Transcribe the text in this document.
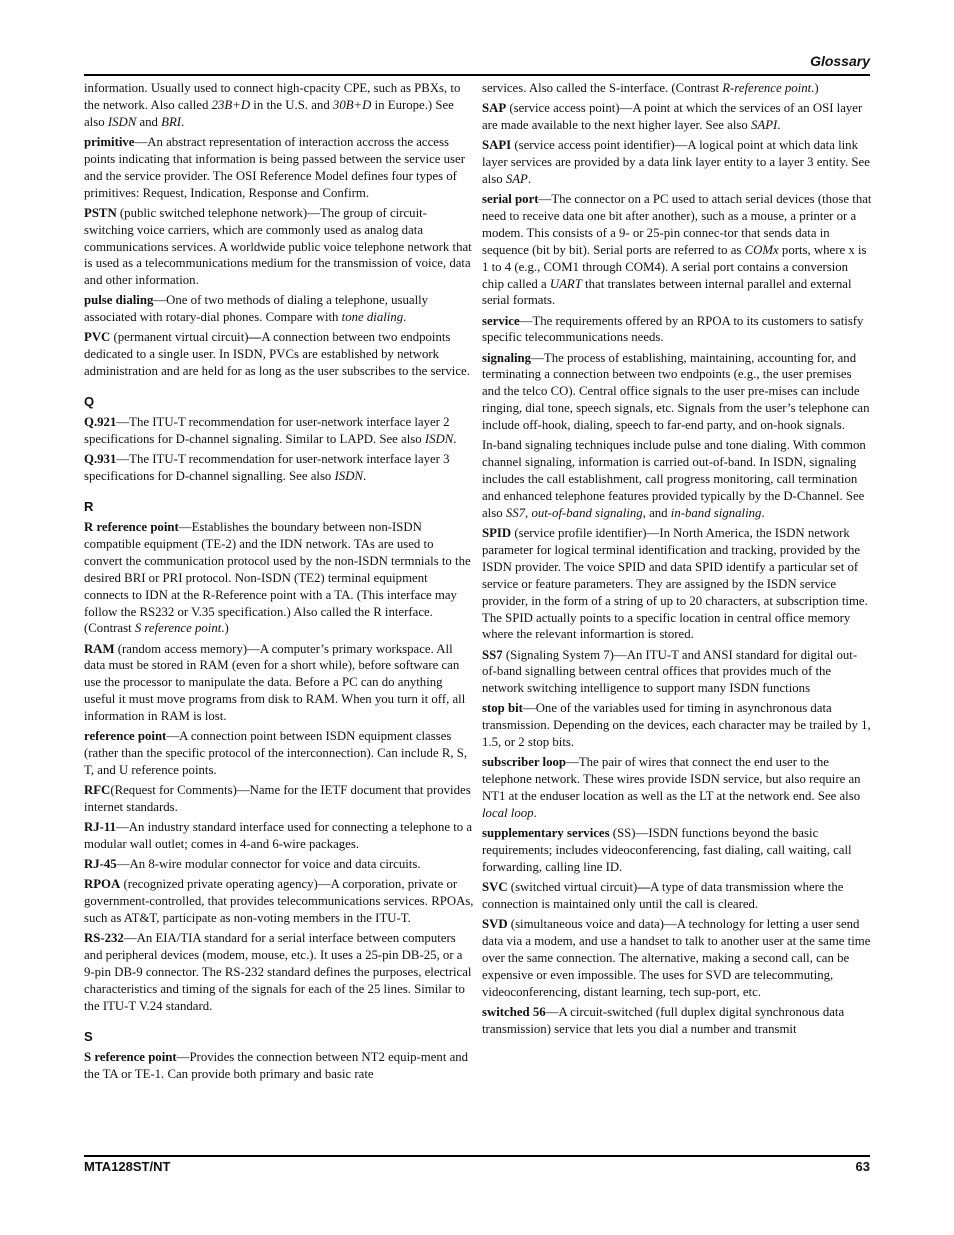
Glossary

information. Usually used to connect high-cpacity CPE, such as PBXs, to the network. Also called 23B+D in the U.S. and 30B+D in Europe.) See also ISDN and BRI.

primitive—An abstract representation of interaction accross the access points indicating that information is being passed between the service user and the service provider. The OSI Reference Model defines four types of primitives: Request, Indication, Response and Confirm.

PSTN (public switched telephone network)—The group of circuit-switching voice carriers, which are commonly used as analog data communications services. A worldwide public voice telephone network that is used as a telecommunications medium for the transmission of voice, data and other information.

pulse dialing—One of two methods of dialing a telephone, usually associated with rotary-dial phones. Compare with tone dialing.

PVC (permanent virtual circuit)—A connection between two endpoints dedicated to a single user. In ISDN, PVCs are established by network administration and are held for as long as the user subscribes to the service.

Q

Q.921—The ITU-T recommendation for user-network interface layer 2 specifications for D-channel signaling. Similar to LAPD. See also ISDN.

Q.931—The ITU-T recommendation for user-network interface layer 3 specifications for D-channel signalling. See also ISDN.

R

R reference point—Establishes the boundary between non-ISDN compatible equipment (TE-2) and the IDN network. TAs are used to convert the communication protocol used by the non-ISDN termnials to the desired BRI or PRI protocol. Non-ISDN (TE2) terminal equipment connects to IDN at the R-Reference point with a TA. (This interface may follow the RS232 or V.35 specification.) Also called the R interface. (Contrast S reference point.)

RAM (random access memory)—A computer’s primary workspace. All data must be stored in RAM (even for a short while), before software can use the processor to manipulate the data. Before a PC can do anything useful it must move programs from disk to RAM. When you turn it off, all information in RAM is lost.

reference point—A connection point between ISDN equipment classes (rather than the specific protocol of the interconnection). Can include R, S, T, and U reference points.

RFC(Request for Comments)—Name for the IETF document that provides internet standards.

RJ-11—An industry standard interface used for connecting a telephone to a modular wall outlet; comes in 4-and 6-wire packages.

RJ-45—An 8-wire modular connector for voice and data circuits.

RPOA (recognized private operating agency)—A corporation, private or government-controlled, that provides telecommunications services. RPOAs, such as AT&T, participate as non-voting members in the ITU-T.

RS-232—An EIA/TIA standard for a serial interface between computers and peripheral devices (modem, mouse, etc.). It uses a 25-pin DB-25, or a 9-pin DB-9 connector. The RS-232 standard defines the purposes, electrical characteristics and timing of the signals for each of the 25 lines. Similar to the ITU-T V.24 standard.

S

S reference point—Provides the connection between NT2 equip-ment and the TA or TE-1. Can provide both primary and basic rate

services. Also called the S-interface. (Contrast R-reference point.)

SAP (service access point)—A point at which the services of an OSI layer are made available to the next higher layer. See also SAPI.

SAPI (service access point identifier)—A logical point at which data link layer services are provided by a data link layer entity to a layer 3 entity. See also SAP.

serial port—The connector on a PC used to attach serial devices (those that need to receive data one bit after another), such as a mouse, a printer or a modem. This consists of a 9- or 25-pin connec-tor that sends data in sequence (bit by bit). Serial ports are referred to as COMx ports, where x is 1 to 4 (e.g., COM1 through COM4). A serial port contains a conversion chip called a UART that translates between internal parallel and external serial formats.

service—The requirements offered by an RPOA to its customers to satisfy specific telecommunications needs.

signaling—The process of establishing, maintaining, accounting for, and terminating a connection between two endpoints (e.g., the user premises and the telco CO). Central office signals to the user pre-mises can include ringing, dial tone, speech signals, etc. Signals from the user’s telephone can include off-hook, dialing, speech to far-end party, and on-hook signals.

In-band signaling techniques include pulse and tone dialing. With common channel signaling, information is carried out-of-band. In ISDN, signaling includes the call establishment, call progress monitoring, call termination and enhanced telephone features provided typically by the D-Channel. See also SS7, out-of-band signaling, and in-band signaling.

SPID (service profile identifier)—In North America, the ISDN network parameter for logical terminal identification and tracking, provided by the ISDN provider. The voice SPID and data SPID identify a particular set of service or feature parameters. They are assigned by the ISDN service provider, in the form of a string of up to 20 characters, at subscription time. The SPID actually points to a specific location in central office memory where the relevant informartion is stored.

SS7 (Signaling System 7)—An ITU-T and ANSI standard for digital out-of-band signalling between central offices that provides much of the network switching intelligence to support many ISDN functions

stop bit—One of the variables used for timing in asynchronous data transmission. Depending on the devices, each character may be trailed by 1, 1.5, or 2 stop bits.

subscriber loop—The pair of wires that connect the end user to the telephone network. These wires provide ISDN service, but also require an NT1 at the enduser location as well as the LT at the network end. See also local loop.

supplementary services (SS)—ISDN functions beyond the basic requirements; includes videoconferencing, fast dialing, call waiting, call forwarding, calling line ID.

SVC (switched virtual circuit)—A type of data transmission where the connection is maintained only until the call is cleared.

SVD (simultaneous voice and data)—A technology for letting a user send data via a modem, and use a handset to talk to another user at the same time over the same connection. The alternative, making a second call, can be expensive or even impossible. The uses for SVD are telecommuting, videoconferencing, distant learning, tech sup-port, etc.

switched 56—A circuit-switched (full duplex digital synchronous data transmission) service that lets you dial a number and transmit

MTA128ST/NT	63
